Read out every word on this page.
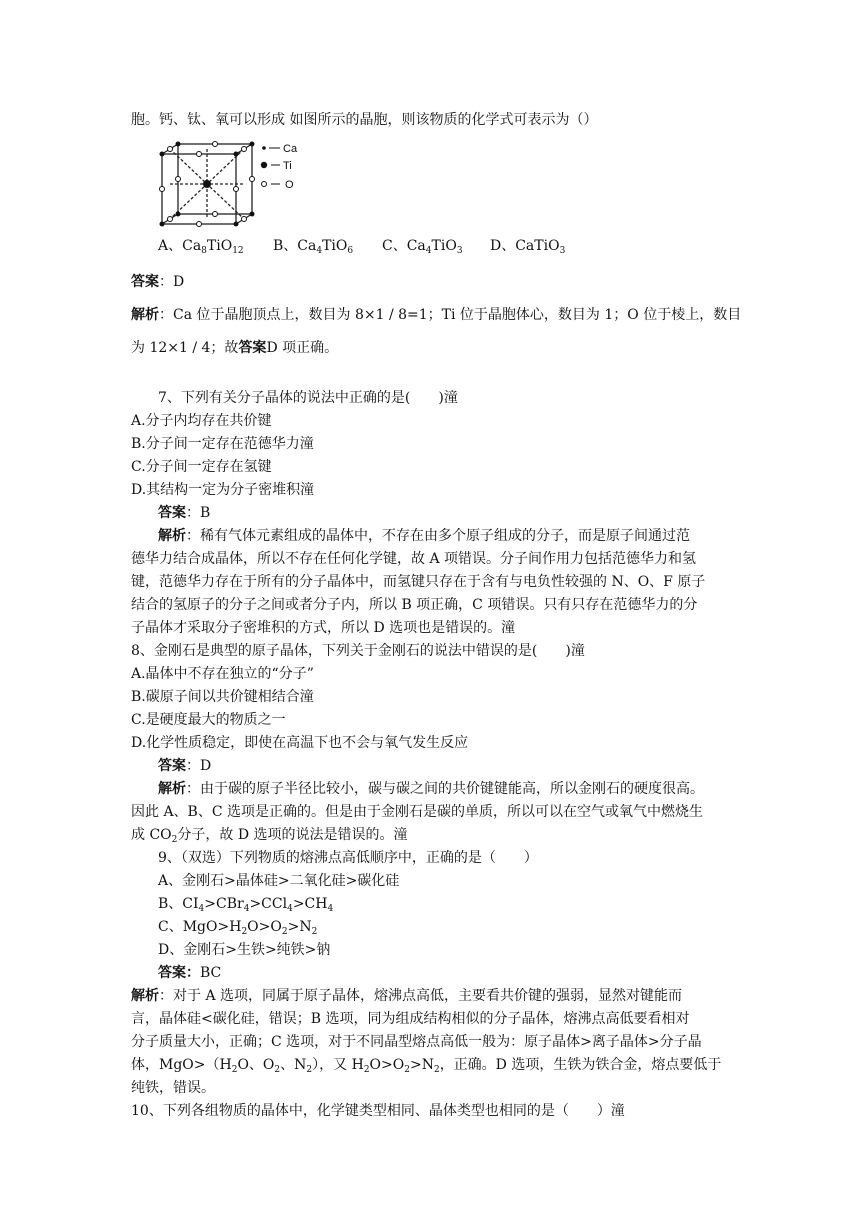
胞。钙、钛、氧可以形成 如图所示的晶胞，则该物质的化学式可表示为（）
Ca
Ti
O
A、$Ca_8TiO_{12}$ B、$Ca_4TiO_6$ C、$Ca_4TiO_3$ D、CaTiO$_3$
答案：D
解析：Ca 位于晶胞顶点上，数目为 8×1 / 8=1；Ti 位于晶胞体心，数目为 1；O 位于棱上，数目
为 12×1 / 4；故答案D 项正确。
7、下列有关分子晶体的说法中正确的是(　　)潼
A.分子内均存在共价键
B.分子间一定存在范德华力潼
C.分子间一定存在氢键
D.其结构一定为分子密堆积潼
答案：B
解析：稀有气体元素组成的晶体中，不存在由多个原子组成的分子，而是原子间通过范
德华力结合成晶体，所以不存在任何化学键，故 A 项错误。分子间作用力包括范德华力和氢
键，范德华力存在于所有的分子晶体中，而氢键只存在于含有与电负性较强的 N、O、F 原子
结合的氢原子的分子之间或者分子内，所以 B 项正确，C 项错误。只有只存在范德华力的分
子晶体才采取分子密堆积的方式，所以 D 选项也是错误的。潼
8、金刚石是典型的原子晶体，下列关于金刚石的说法中错误的是(　　)潼
A.晶体中不存在独立的“分子”
B.碳原子间以共价键相结合潼
C.是硬度最大的物质之一
D.化学性质稳定，即使在高温下也不会与氧气发生反应
答案：D
解析：由于碳的原子半径比较小，碳与碳之间的共价键键能高，所以金刚石的硬度很高。
因此 A、B、C 选项是正确的。但是由于金刚石是碳的单质，所以可以在空气或氧气中燃烧生
成 $CO_2$分子，故 D 选项的说法是错误的。潼
9、（双选）下列物质的熔沸点高低顺序中，正确的是（　　）
A、金刚石>晶体硅>二氧化硅>碳化硅
B、$CI_4>CBr_4>CCl_4>CH_4$
C、$MgO>H_2O>O_2>N_2$
D、金刚石>生铁>纯铁>钠
答案：BC
解析：对于 A 选项，同属于原子晶体，熔沸点高低，主要看共价键的强弱，显然对键能而
言，晶体硅<碳化硅，错误；B 选项，同为组成结构相似的分子晶体，熔沸点高低要看相对
分子质量大小，正确；C 选项，对于不同晶型熔点高低一般为：原子晶体>离子晶体>分子晶
体，$MgO>(H_2O$、$O_2$、$N_2$），又 $H_2O>O_2>N_2$，正确。D 选项，生铁为铁合金，熔点要低于
纯铁，错误。
10、下列各组物质的晶体中，化学键类型相同、晶体类型也相同的是（　　）潼
